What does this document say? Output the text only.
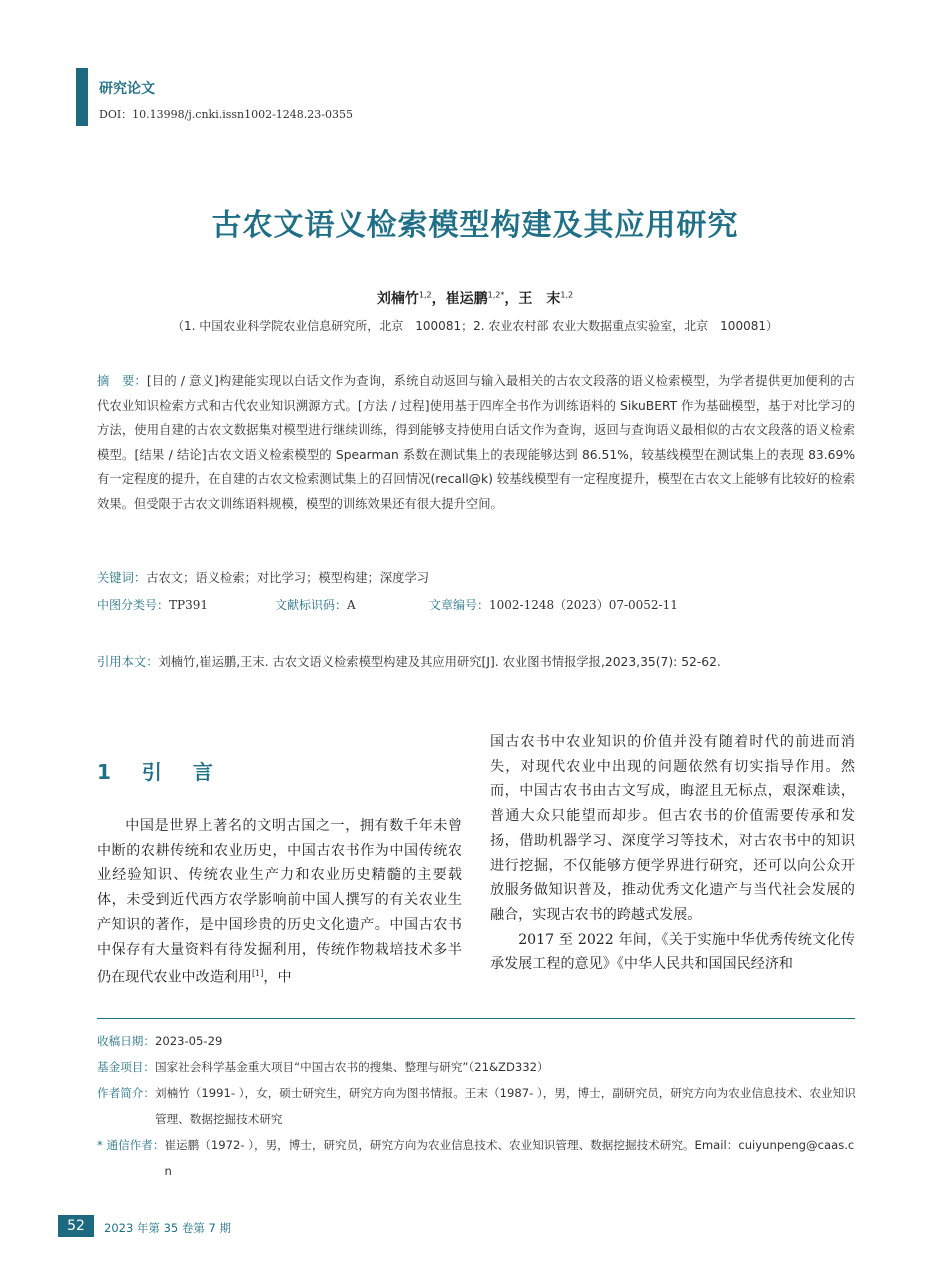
研究论文
DOI：10.13998/j.cnki.issn1002-1248.23-0355
古农文语义检索模型构建及其应用研究
刘楠竹$^{1,2}$，崔运鹏$^{1,2*}$，王　末$^{1,2}$
（1. 中国农业科学院农业信息研究所，北京　100081；2. 农业农村部 农业大数据重点实验室，北京　100081）
摘　要：[目的 / 意义]构建能实现以白话文作为查询，系统自动返回与输入最相关的古农文段落的语义检索模型，为学者提供更加便利的古代农业知识检索方式和古代农业知识溯源方式。[方法 / 过程]使用基于四库全书作为训练语料的 SikuBERT 作为基础模型，基于对比学习的方法，使用自建的古农文数据集对模型进行继续训练，得到能够支持使用白话文作为查询，返回与查询语义最相似的古农文段落的语义检索模型。[结果 / 结论]古农文语义检索模型的 Spearman 系数在测试集上的表现能够达到 86.51%，较基线模型在测试集上的表现 83.69%有一定程度的提升，在自建的古农文检索测试集上的召回情况(recall@k) 较基线模型有一定程度提升，模型在古农文上能够有比较好的检索效果。但受限于古农文训练语料规模，模型的训练效果还有很大提升空间。
关键词：古农文；语义检索；对比学习；模型构建；深度学习
中图分类号：TP391	文献标识码：A	文章编号：1002-1248（2023）07-0052-11
引用本文：刘楠竹,崔运鹏,王末. 古农文语义检索模型构建及其应用研究[J]. 农业图书情报学报,2023,35(7): 52-62.
1 引 言

中国是世界上著名的文明古国之一，拥有数千年未曾中断的农耕传统和农业历史，中国古农书作为中国传统农业经验知识、传统农业生产力和农业历史精髓的主要载体，未受到近代西方农学影响前中国人撰写的有关农业生产知识的著作，是中国珍贵的历史文化遗产。中国古农书中保存有大量资料有待发掘利用，传统作物栽培技术多半仍在现代农业中改造利用[1]，中

国古农书中农业知识的价值并没有随着时代的前进而消失，对现代农业中出现的问题依然有切实指导作用。然而，中国古农书由古文写成，晦涩且无标点，艰深难读，普通大众只能望而却步。但古农书的价值需要传承和发扬，借助机器学习、深度学习等技术，对古农书中的知识进行挖掘，不仅能够方便学界进行研究，还可以向公众开放服务做知识普及，推动优秀文化遗产与当代社会发展的融合，实现古农书的跨越式发展。

2017 至 2022 年间，《关于实施中华优秀传统文化传承发展工程的意见》《中华人民共和国国民经济和

收稿日期： 2023-05-29
基金项目： 国家社会科学基金重大项目“中国古农书的搜集、整理与研究”（21&ZD332）
作者简介： 刘楠竹（1991- ），女，硕士研究生，研究方向为图书情报。王末（1987- ），男，博士，副研究员，研究方向为农业信息技术、农业知识管理、数据挖掘技术研究
* 通信作者： 崔运鹏（1972- ），男，博士，研究员，研究方向为农业信息技术、农业知识管理、数据挖掘技术研究。Email：cuiyunpeng@caas.cn
52	2023 年第 35 卷第 7 期
